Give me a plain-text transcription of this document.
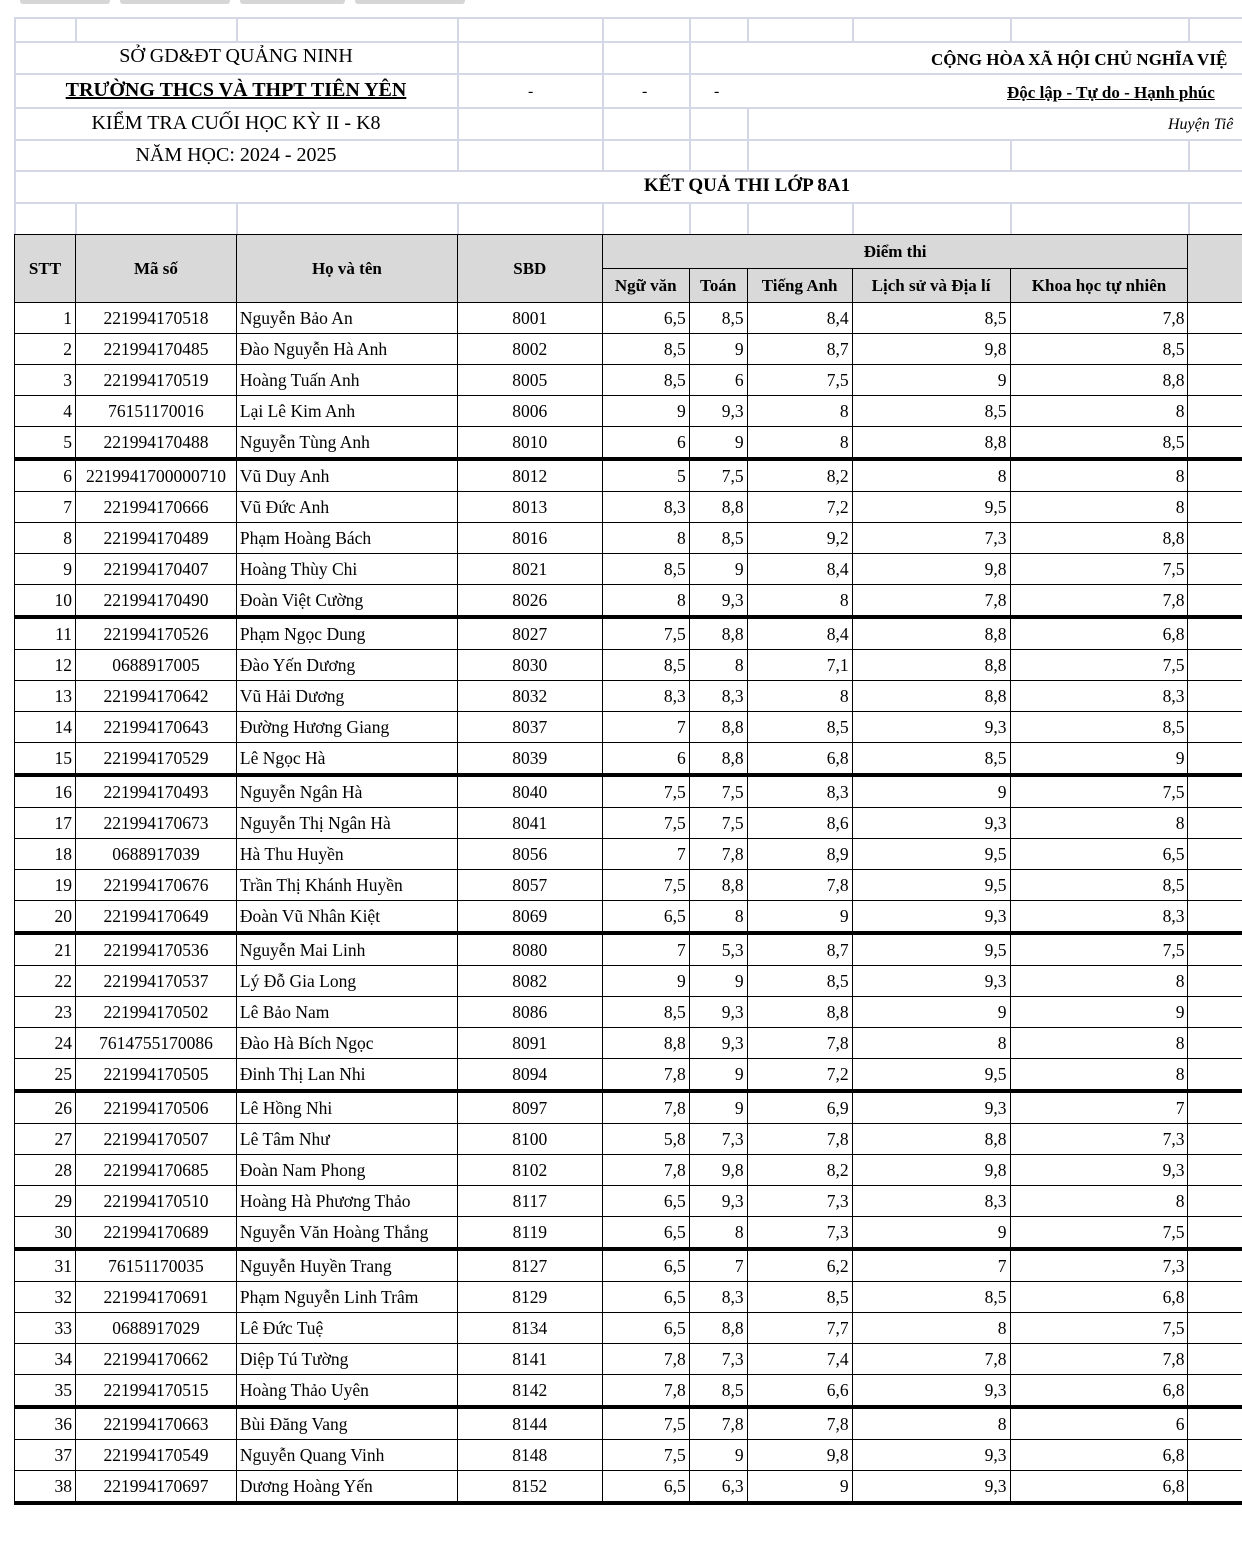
SỞ GD&ĐT QUẢNG NINH
TRƯỜNG THCS VÀ THPT TIÊN YÊN
KIỂM TRA CUỐI HỌC KỲ II - K8
NĂM HỌC: 2024 - 2025
CỘNG HÒA XÃ HỘI CHỦ NGHĨA VIỆ
Độc lập - Tự do - Hạnh phúc
Huyện Tiê
-	-	-
KẾT QUẢ THI LỚP 8A1
STT	Mã số	Họ và tên	SBD	Điểm thi					
				Ngữ văn	Toán	Tiếng Anh	Lịch sử và Địa lí	Khoa học tự nhiên	
1	221994170518	Nguyễn Bảo An	8001	6,5	8,5	8,4	8,5	7,8	
2	221994170485	Đào Nguyễn Hà Anh	8002	8,5	9	8,7	9,8	8,5	
3	221994170519	Hoàng Tuấn Anh	8005	8,5	6	7,5	9	8,8	
4	76151170016	Lại Lê Kim Anh	8006	9	9,3	8	8,5	8	
5	221994170488	Nguyễn Tùng Anh	8010	6	9	8	8,8	8,5	
6	2219941700000710	Vũ Duy Anh	8012	5	7,5	8,2	8	8	
7	221994170666	Vũ Đức Anh	8013	8,3	8,8	7,2	9,5	8	
8	221994170489	Phạm Hoàng Bách	8016	8	8,5	9,2	7,3	8,8	
9	221994170407	Hoàng Thùy Chi	8021	8,5	9	8,4	9,8	7,5	
10	221994170490	Đoàn Việt Cường	8026	8	9,3	8	7,8	7,8	
11	221994170526	Phạm Ngọc Dung	8027	7,5	8,8	8,4	8,8	6,8	
12	0688917005	Đào Yến Dương	8030	8,5	8	7,1	8,8	7,5	
13	221994170642	Vũ Hải Dương	8032	8,3	8,3	8	8,8	8,3	
14	221994170643	Đường Hương Giang	8037	7	8,8	8,5	9,3	8,5	
15	221994170529	Lê Ngọc Hà	8039	6	8,8	6,8	8,5	9	
16	221994170493	Nguyễn Ngân Hà	8040	7,5	7,5	8,3	9	7,5	
17	221994170673	Nguyễn Thị Ngân Hà	8041	7,5	7,5	8,6	9,3	8	
18	0688917039	Hà Thu Huyền	8056	7	7,8	8,9	9,5	6,5	
19	221994170676	Trần Thị Khánh Huyền	8057	7,5	8,8	7,8	9,5	8,5	
20	221994170649	Đoàn Vũ Nhân Kiệt	8069	6,5	8	9	9,3	8,3	
21	221994170536	Nguyễn Mai Linh	8080	7	5,3	8,7	9,5	7,5	
22	221994170537	Lý Đỗ Gia Long	8082	9	9	8,5	9,3	8	
23	221994170502	Lê Bảo Nam	8086	8,5	9,3	8,8	9	9	
24	7614755170086	Đào Hà Bích Ngọc	8091	8,8	9,3	7,8	8	8	
25	221994170505	Đinh Thị Lan Nhi	8094	7,8	9	7,2	9,5	8	
26	221994170506	Lê Hồng Nhi	8097	7,8	9	6,9	9,3	7	
27	221994170507	Lê Tâm Như	8100	5,8	7,3	7,8	8,8	7,3	
28	221994170685	Đoàn Nam Phong	8102	7,8	9,8	8,2	9,8	9,3	
29	221994170510	Hoàng Hà Phương Thảo	8117	6,5	9,3	7,3	8,3	8	
30	221994170689	Nguyễn Văn Hoàng Thắng	8119	6,5	8	7,3	9	7,5	
31	76151170035	Nguyễn Huyền Trang	8127	6,5	7	6,2	7	7,3	
32	221994170691	Phạm Nguyễn Linh Trâm	8129	6,5	8,3	8,5	8,5	6,8	
33	0688917029	Lê Đức Tuệ	8134	6,5	8,8	7,7	8	7,5	
34	221994170662	Diệp Tú Tường	8141	7,8	7,3	7,4	7,8	7,8	
35	221994170515	Hoàng Thảo Uyên	8142	7,8	8,5	6,6	9,3	6,8	
36	221994170663	Bùi Đăng Vang	8144	7,5	7,8	7,8	8	6	
37	221994170549	Nguyễn Quang Vinh	8148	7,5	9	9,8	9,3	6,8	
38	221994170697	Dương Hoàng Yến	8152	6,5	6,3	9	9,3	6,8	
